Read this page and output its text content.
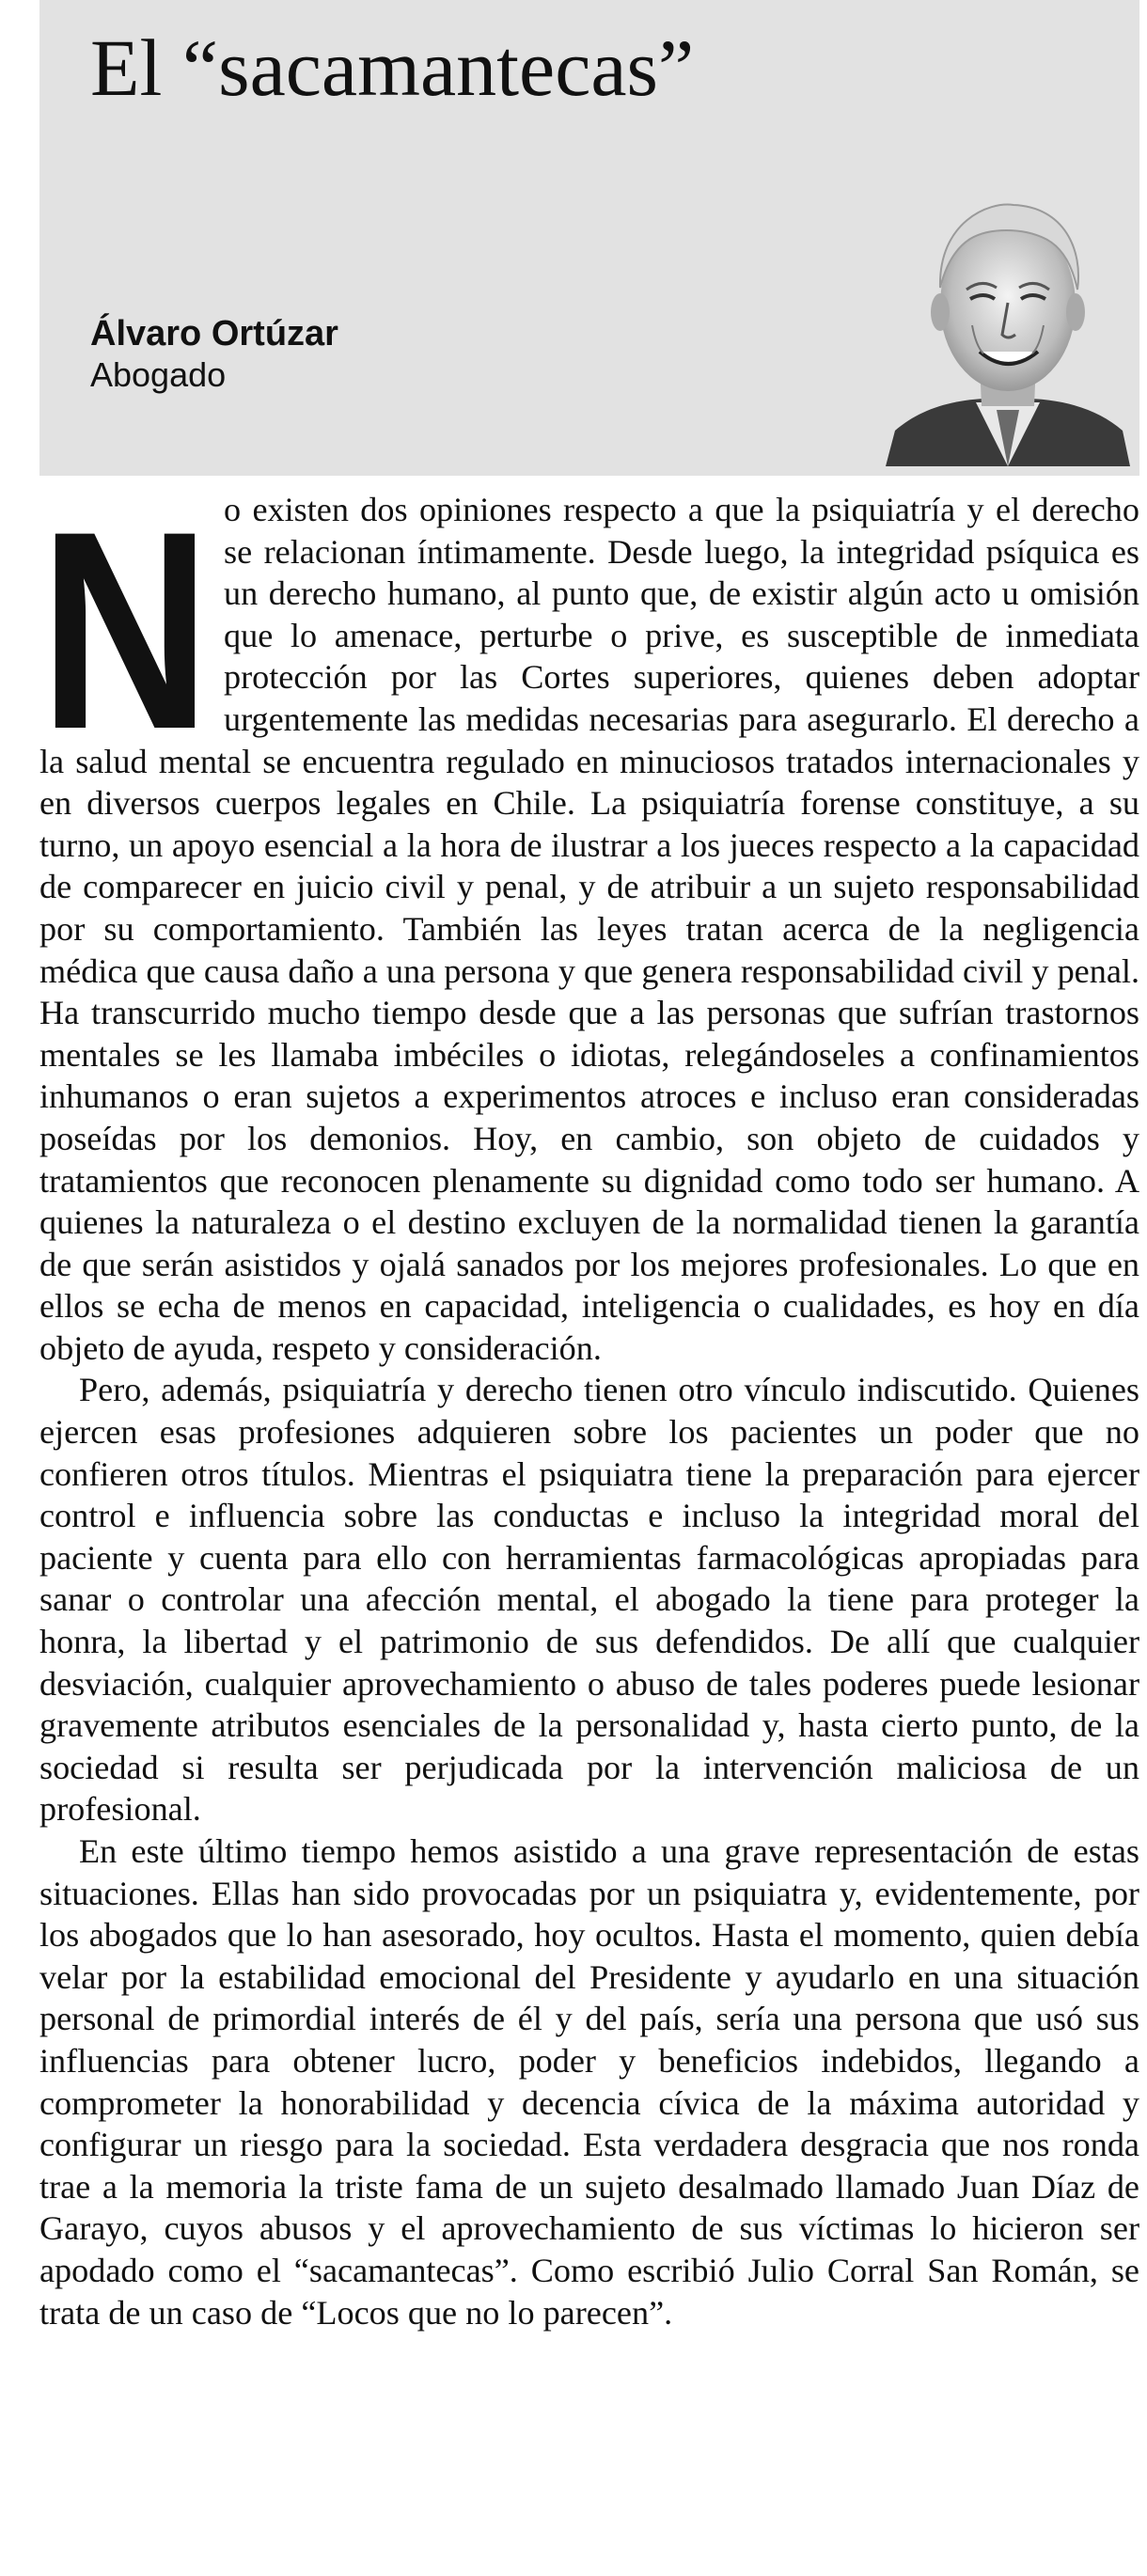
El “sacamantecas”
Álvaro Ortúzar
Abogado

N o existen dos opiniones respecto a que la psiquiatría y el derecho se relacionan íntimamente. Desde luego, la integridad psíquica es un derecho humano, al punto que, de existir algún acto u omisión que lo amenace, perturbe o prive, es susceptible de inmediata protección por las Cortes superiores, quienes deben adoptar urgentemente las medidas necesarias para asegurarlo. El derecho a la salud mental se encuentra regulado en minuciosos tratados internacionales y en diversos cuerpos legales en Chile. La psiquiatría forense constituye, a su turno, un apoyo esencial a la hora de ilustrar a los jueces respecto a la capacidad de comparecer en juicio civil y penal, y de atribuir a un sujeto responsabilidad por su comportamiento. También las leyes tratan acerca de la negligencia médica que causa daño a una persona y que genera responsabilidad civil y penal. Ha transcurrido mucho tiempo desde que a las personas que sufrían trastornos mentales se les llamaba imbéciles o idiotas, relegándoseles a confinamientos inhumanos o eran sujetos a experimentos atroces e incluso eran consideradas poseídas por los demonios. Hoy, en cambio, son objeto de cuidados y tratamientos que reconocen plenamente su dignidad como todo ser humano. A quienes la naturaleza o el destino excluyen de la normalidad tienen la garantía de que serán asistidos y ojalá sanados por los mejores profesionales. Lo que en ellos se echa de menos en capacidad, inteligencia o cualidades, es hoy en día objeto de ayuda, respeto y consideración.

Pero, además, psiquiatría y derecho tienen otro vínculo indiscutido. Quienes ejercen esas profesiones adquieren sobre los pacientes un poder que no confieren otros títulos. Mientras el psiquiatra tiene la preparación para ejercer control e influencia sobre las conductas e incluso la integridad moral del paciente y cuenta para ello con herramientas farmacológicas apropiadas para sanar o controlar una afección mental, el abogado la tiene para proteger la honra, la libertad y el patrimonio de sus defendidos. De allí que cualquier desviación, cualquier aprovechamiento o abuso de tales poderes puede lesionar gravemente atributos esenciales de la personalidad y, hasta cierto punto, de la sociedad si resulta ser perjudicada por la intervención maliciosa de un profesional.

En este último tiempo hemos asistido a una grave representación de estas situaciones. Ellas han sido provocadas por un psiquiatra y, evidentemente, por los abogados que lo han asesorado, hoy ocultos. Hasta el momento, quien debía velar por la estabilidad emocional del Presidente y ayudarlo en una situación personal de primordial interés de él y del país, sería una persona que usó sus influencias para obtener lucro, poder y beneficios indebidos, llegando a comprometer la honorabilidad y decencia cívica de la máxima autoridad y configurar un riesgo para la sociedad. Esta verdadera desgracia que nos ronda trae a la memoria la triste fama de un sujeto desalmado llamado Juan Díaz de Garayo, cuyos abusos y el aprovechamiento de sus víctimas lo hicieron ser apodado como el “sacamantecas”. Como escribió Julio Corral San Román, se trata de un caso de “Locos que no lo parecen”.
